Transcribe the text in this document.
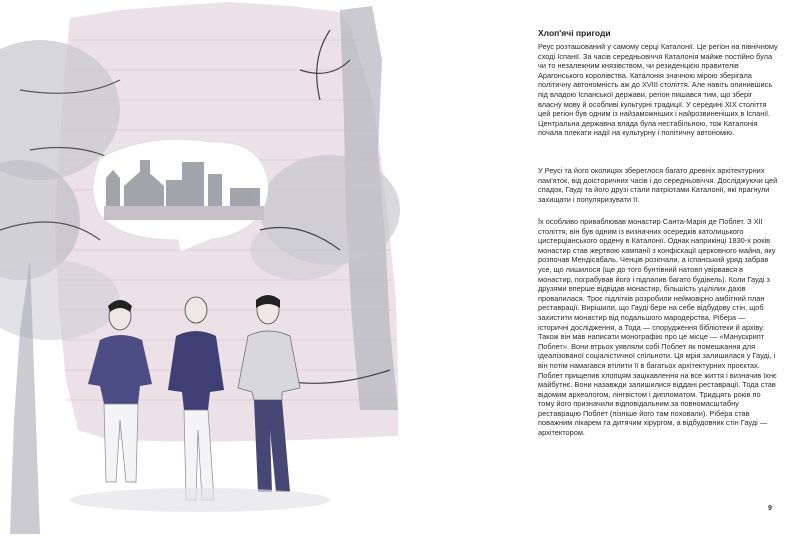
Хлоп'ячі пригоди

Реус розташований у самому серці Каталонії. Це регіон на північному сході Іспанії. За часів середньовіччя Каталонія майже постійно була чи то незалежним князівством, чи резиденцією правителів Арагонського королівства. Каталонія значною мірою зберігала політичну автономність аж до XVIII століття. Але навіть опинившись під владою Іспанської держави, регіон пишався тим, що зберіг власну мову й особливі культурні традиції. У середині XIX століття цей регіон був одним із найзаможніших і найрозвиненіших в Іспанії. Центральна державна влада була нестабільною, тож Каталонія почала плекати надії на культурну і політичну автономію.

У Реусі та його околицях збереглося багато древніх архітектурних пам'яток, від доісторичних часів і до середньовіччя. Досліджуючи цей спадок, Гауді та його друзі стали патріотами Каталонії, які прагнули захищати і популяризувати її.

Їх особливо приваблював монастир Санта-Марія де Поблет. З XII століття, він був одним із визначних осередків католицького цистерціанського ордену в Каталонії. Однак наприкінці 1830-х років монастир став жертвою кампанії з конфіскації церковного майна, яку розпочав Мендісабаль. Ченців розігнали, а іспанський уряд забрав усе, що лишилося (ще до того бунтівний натовп увірвався в монастир, пограбував його і підпалив багато будівель). Коли Гауді з друзями вперше відвідав монастир, більшість уцілілих дахів провалилася. Троє підлітків розробили неймовірно амбітний план реставрації. Вирішили, що Гауді бере на себе відбудову стін, щоб захистити монастир від подальшого мародерства, Рібера — історичні дослідження, а Тода — спорудження бібліотеки й архіву. Також він мав написати монографію про це місце — «Манускрипт Поблет». Вони втрьох уявляли собі Поблет як помешкання для ідеалізованої соціалістичної спільноти. Ця мрія залишилася у Гауді, і він потім намагався втілити її в багатьох архітектурних проєктах. Поблет прищепив хлопцям зацікавлення на все життя і визначив їхнє майбутнє. Вони назавжди залишилися віддані реставрації. Тода став відомим археологом, лінгвістом і дипломатом. Тридцять років по тому його призначили відповідальним за повномасштабну реставрацію Поблет (пізніше його там поховали). Рібера став поважним лікарем та дитячим хірургом, а відбудовник стін Гауді — архітектором.

9
